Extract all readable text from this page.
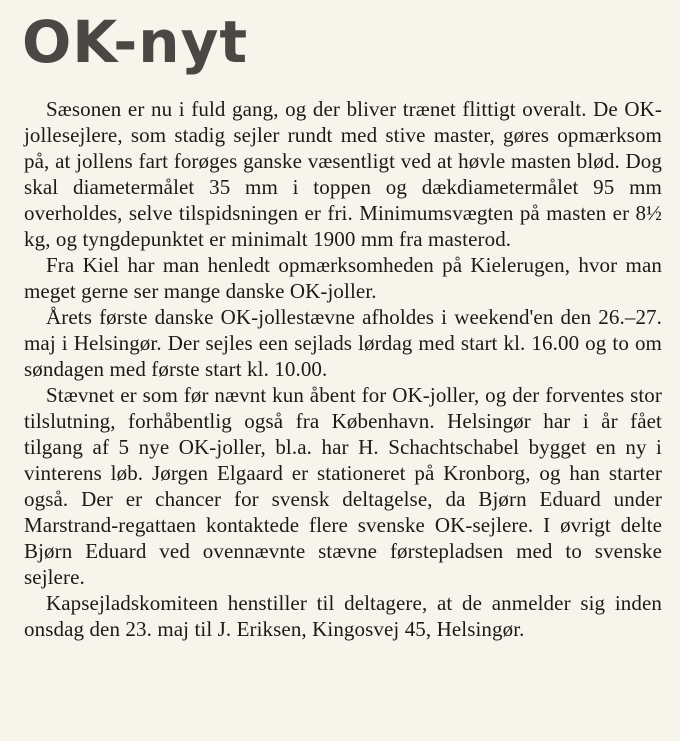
OK-nyt

Sæsonen er nu i fuld gang, og der bliver trænet flittigt overalt. De OK-jollesejlere, som stadig sejler rundt med stive master, gøres opmærksom på, at jollens fart forøges ganske væsentligt ved at høvle masten blød. Dog skal diametermålet 35 mm i toppen og dækdiametermålet 95 mm overholdes, selve tilspidsningen er fri. Minimumsvægten på masten er 8½ kg, og tyngdepunktet er minimalt 1900 mm fra masterod.

Fra Kiel har man henledt opmærksomheden på Kielerugen, hvor man meget gerne ser mange danske OK-joller.

Årets første danske OK-jollestævne afholdes i weekend'en den 26.–27. maj i Helsingør. Der sejles een sejlads lørdag med start kl. 16.00 og to om søndagen med første start kl. 10.00.

Stævnet er som før nævnt kun åbent for OK-joller, og der forventes stor tilslutning, forhåbentlig også fra København. Helsingør har i år fået tilgang af 5 nye OK-joller, bl.a. har H. Schachtschabel bygget en ny i vinterens løb. Jørgen Elgaard er stationeret på Kronborg, og han starter også. Der er chancer for svensk deltagelse, da Bjørn Eduard under Marstrand-regattaen kontaktede flere svenske OK-sejlere. I øvrigt delte Bjørn Eduard ved ovennævnte stævne førstepladsen med to svenske sejlere.

Kapsejladskomiteen henstiller til deltagere, at de anmelder sig inden onsdag den 23. maj til J. Eriksen, Kingosvej 45, Helsingør.
